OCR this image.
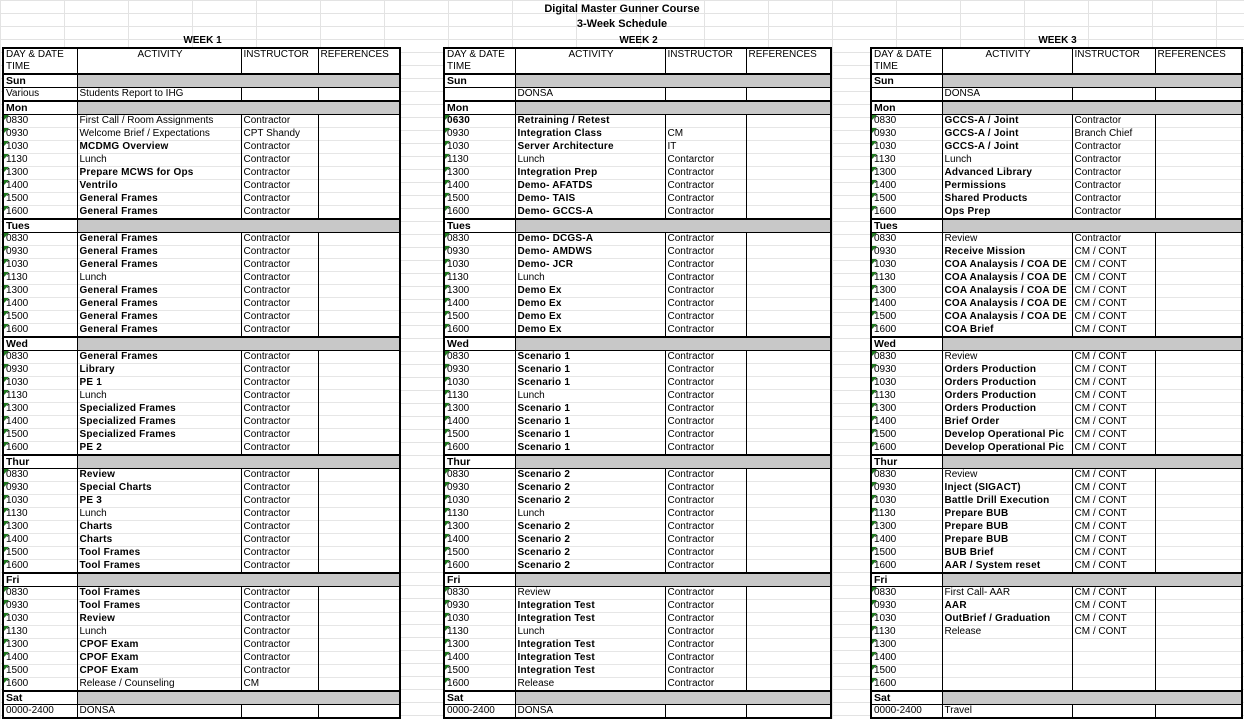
Digital Master Gunner Course
3-Week Schedule
WEEK 1
DAY & DATE	ACTIVITY	INSTRUCTOR	REFERENCES
TIME			
Sun			
Various	Students Report to IHG		
Mon			
0830	First Call / Room Assignments	Contractor	
0930	Welcome Brief / Expectations	CPT Shandy	
1030	MCDMG Overview	Contractor	
1130	Lunch	Contractor	
1300	Prepare MCWS for Ops	Contractor	
1400	Ventrilo	Contractor	
1500	General Frames	Contractor	
1600	General Frames	Contractor	
Tues			
0830	General Frames	Contractor	
0930	General Frames	Contractor	
1030	General Frames	Contractor	
1130	Lunch	Contractor	
1300	General Frames	Contractor	
1400	General Frames	Contractor	
1500	General Frames	Contractor	
1600	General Frames	Contractor	
Wed			
0830	General Frames	Contractor	
0930	Library	Contractor	
1030	PE 1	Contractor	
1130	Lunch	Contractor	
1300	Specialized Frames	Contractor	
1400	Specialized Frames	Contractor	
1500	Specialized Frames	Contractor	
1600	PE 2	Contractor	
Thur			
0830	Review	Contractor	
0930	Special Charts	Contractor	
1030	PE 3	Contractor	
1130	Lunch	Contractor	
1300	Charts	Contractor	
1400	Charts	Contractor	
1500	Tool Frames	Contractor	
1600	Tool Frames	Contractor	
Fri			
0830	Tool Frames	Contractor	
0930	Tool Frames	Contractor	
1030	Review	Contractor	
1130	Lunch	Contractor	
1300	CPOF Exam	Contractor	
1400	CPOF Exam	Contractor	
1500	CPOF Exam	Contractor	
1600	Release / Counseling	CM	
Sat			
0000-2400	DONSA		
WEEK 2
DAY & DATE	ACTIVITY	INSTRUCTOR	REFERENCES
TIME			
Sun			
	DONSA		
Mon			
0630	Retraining / Retest		
0930	Integration Class	CM	
1030	Server Architecture	IT	
1130	Lunch	Contarctor	
1300	Integration Prep	Contractor	
1400	Demo- AFATDS	Contractor	
1500	Demo- TAIS	Contractor	
1600	Demo- GCCS-A	Contractor	
Tues			
0830	Demo- DCGS-A	Contractor	
0930	Demo- AMDWS	Contractor	
1030	Demo- JCR	Contractor	
1130	Lunch	Contractor	
1300	Demo Ex	Contractor	
1400	Demo Ex	Contractor	
1500	Demo Ex	Contractor	
1600	Demo Ex	Contractor	
Wed			
0830	Scenario 1	Contractor	
0930	Scenario 1	Contractor	
1030	Scenario 1	Contractor	
1130	Lunch	Contractor	
1300	Scenario 1	Contractor	
1400	Scenario 1	Contractor	
1500	Scenario 1	Contractor	
1600	Scenario 1	Contractor	
Thur			
0830	Scenario 2	Contractor	
0930	Scenario 2	Contractor	
1030	Scenario 2	Contractor	
1130	Lunch	Contractor	
1300	Scenario 2	Contractor	
1400	Scenario 2	Contractor	
1500	Scenario 2	Contractor	
1600	Scenario 2	Contractor	
Fri			
0830	Review	Contractor	
0930	Integration Test	Contractor	
1030	Integration Test	Contractor	
1130	Lunch	Contractor	
1300	Integration Test	Contractor	
1400	Integration Test	Contractor	
1500	Integration Test	Contractor	
1600	Release	Contractor	
Sat			
0000-2400	DONSA		
WEEK 3
DAY & DATE	ACTIVITY	INSTRUCTOR	REFERENCES
TIME			
Sun			
	DONSA		
Mon			
0830	GCCS-A / Joint	Contractor	
0930	GCCS-A / Joint	Branch Chief	
1030	GCCS-A / Joint	Contractor	
1130	Lunch	Contractor	
1300	Advanced Library	Contractor	
1400	Permissions	Contractor	
1500	Shared Products	Contractor	
1600	Ops Prep	Contractor	
Tues			
0830	Review	Contractor	
0930	Receive Mission	CM / CONT	
1030	COA Analaysis / COA DE	CM / CONT	
1130	COA Analaysis / COA DE	CM / CONT	
1300	COA Analaysis / COA DE	CM / CONT	
1400	COA Analaysis / COA DE	CM / CONT	
1500	COA Analaysis / COA DE	CM / CONT	
1600	COA Brief	CM / CONT	
Wed			
0830	Review	CM / CONT	
0930	Orders Production	CM / CONT	
1030	Orders Production	CM / CONT	
1130	Orders Production	CM / CONT	
1300	Orders Production	CM / CONT	
1400	Brief Order	CM / CONT	
1500	Develop Operational Pic	CM / CONT	
1600	Develop Operational Pic	CM / CONT	
Thur			
0830	Review	CM / CONT	
0930	Inject (SIGACT)	CM / CONT	
1030	Battle Drill Execution	CM / CONT	
1130	Prepare BUB	CM / CONT	
1300	Prepare BUB	CM / CONT	
1400	Prepare BUB	CM / CONT	
1500	BUB Brief	CM / CONT	
1600	AAR / System reset	CM / CONT	
Fri			
0830	First Call- AAR	CM / CONT	
0930	AAR	CM / CONT	
1030	OutBrief / Graduation	CM / CONT	
1130	Release	CM / CONT	
1300			
1400			
1500			
1600			
Sat			
0000-2400	Travel		
